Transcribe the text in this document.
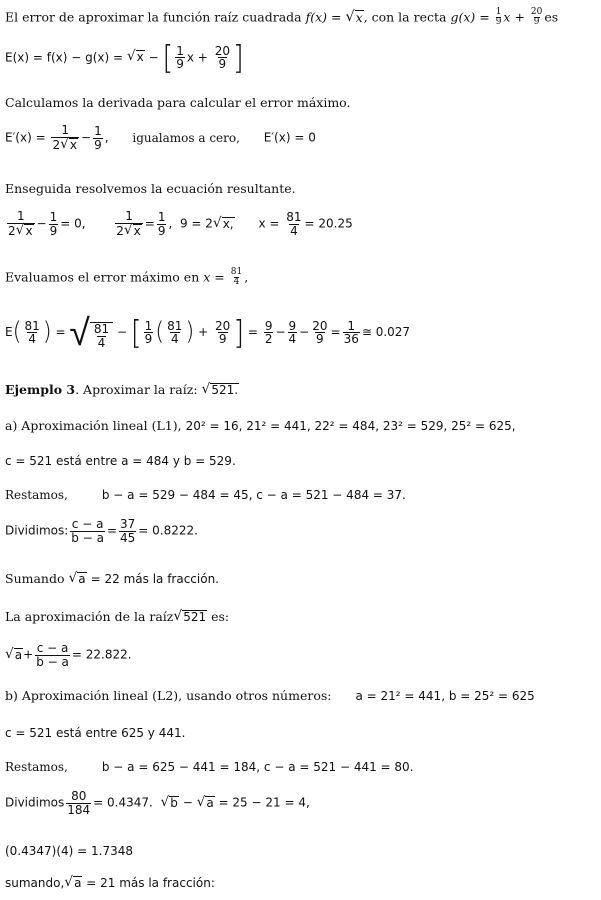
El error de aproximar la función raíz cuadrada f(x) = √ x , con la recta $g(x) = \frac{1}{9}$ $x + \frac{20}{9}$ es
E(x) = f(x) − g(x) = √ x − [ $\frac{1}{9}$ $x + \frac{20}{9}$ ]
Calculamos la derivada para calcular el error máximo.
$E'(x) = \frac{1}{2 √ x} - \frac{1}{9}$ , igualamos a cero, E′(x) = 0
Enseguida resolvemos la ecuación resultante.
$\frac{1}{2 √ x} - \frac{1}{9} = 0$, $\frac{1}{2 √ x} = \frac{1}{9}$ , 9 = 2 √ x, $x = \frac{81}{4} = 20.25$
Evaluamos el error máximo en $x = \frac{81}{4}$ ,
$E( \frac{81}{4}$ ) = √ $\frac{81}{4}$ − [ $\frac{1}{9}$ ( $\frac{81}{4}$ ) + $\frac{20}{9}$ ] = $\frac{9}{2} - \frac{9}{4} - \frac{20}{9} = \frac{1}{36}$ ≅ 0.027
Ejemplo 3. Aproximar la raíz: √ 521.
a) Aproximación lineal (L1), 20² = 16, 21² = 441, 22² = 484, 23² = 529, 25² = 625,
c = 521 está entre a = 484 y b = 529.
Restamos,	b − a = 529 − 484 = 45, c − a = 521 − 484 = 37.
Dividimos: $\frac{c - a}{b - a} = \frac{37}{45} = 0.8222$.
Sumando √ a = 22 más la fracción.
La aproximación de la raíz √ 521 es:
√ $a + \frac{c - a}{b - a} = 22.822$.
b) Aproximación lineal (L2), usando otros números: a = 21² = 441, b = 25² = 625
c = 521 está entre 625 y 441.
Restamos,	b − a = 625 − 441 = 184, c − a = 521 − 441 = 80.
Dividimos $\frac{80}{184} = 0.4347$. √ b − √ a = 25 − 21 = 4,
(0.4347)(4) = 1.7348
sumando, √ a = 21 más la fracción:
